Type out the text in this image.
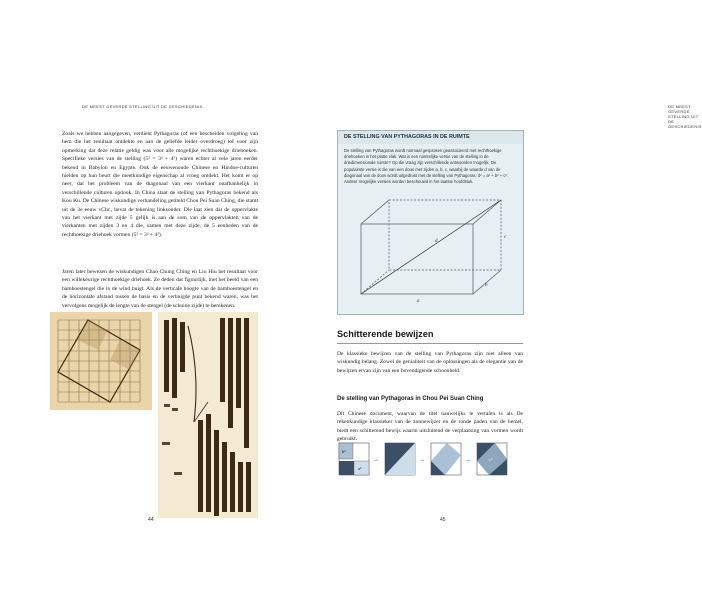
DE MEEST GEVERDE STELLING UIT DE GESCHIEDENIS
Zoals we hebben aangegeven, verdient Pythagoras (of een bescheiden volgeling van hem die het resultaat ontdekte en aan de geliefde leider overdroeg) lof voor zijn opmerking dat deze relatie geldig was voor alle mogelijke rechthoekige driehoeken. Specifieke versies van de stelling (5² = 3² + 4²) waren echter al vele jaren eerder bekend in Babylon en Egypte. Ook de eeuwenoude Chinese en Hindoe-culturen hielden op hun beurt die meetkundige eigenschap al vroeg ontdekt. Het komt er op neer, dat het probleem van de diagonaal van een vierkant onafhankelijk in verschillende culturen opdook. In China staat de stelling van Pythagoras bekend als Kou Ku. De Chinese wiskundige verhandeling getiteld Chou Pei Suan Ching, die stamt uit de 3e eeuw vChr., bevat de tekening linksonder. Die laat zien dat de oppervlakte van het vierkant met zijde 5 gelijk is aan de som van de oppervlakten van de vierkanten met zijden 3 en 4 die, samen met deze zijde, de 5 eenheden van de rechthoekige driehoek vormen (5² = 3² + 4²).
Jaren later bewezen de wiskundigen Chao Chung Ching en Liu Hiu het resultaat voor een willekeurige rechthoekige driehoek. Ze deden dat figuurlijk, met het beeld van een bamboestengel die in de wind buigt. Als de verticale hoogte van de bamboestengel en de horizontale afstand tussen de basis en de verbuigde punt bekend waren, was het vervolgens mogelijk de lengte van de stengel (de schuine zijde) te berekenen.
44
DE MEEST GEVERDE STELLING UIT DE GESCHIEDENIS
DE STELLING VAN PYTHAGORAS IN DE RUIMTE
De stelling van Pythagoras wordt normaal gesproken geassocieerd met rechthoekige driehoeken in het platte vlak. Wat is een ruimtelijke versie van de stelling in de driedimensionale ruimte? Op die vraag zijn verschillende antwoorden mogelijk. De populairste versie is die van een doos met zijden a, b, c, waarbij de waarde d van de diagonaal van de doos wordt uitgedrukt met de stelling van Pythagoras: d² = a² + b² + c². Andere mogelijke versies worden beschouwd in het laatste hoofdstuk.
d
a
b
c
Schitterende bewijzen
De klassieke bewijzen van de stelling van Pythagoras zijn niet alleen van wiskundig belang. Zowel de genialiteit van de oplossingen als de elegantie van de bewijzen ervan zijn van een bovendigende schoonheid.
De stelling van Pythagoras in Chou Pei Suan Ching
Dit Chinese document, waarvan de titel nauwelijks te vertalen is als De rekenkundige klassieker van de zonnewijzer en de ronde paden van de hemel, biedt een schitterend bewijs waarin uitsluitend de verplaatsing van vormen wordt gebruikt.
b²
a²
→	→	→	c²
45
